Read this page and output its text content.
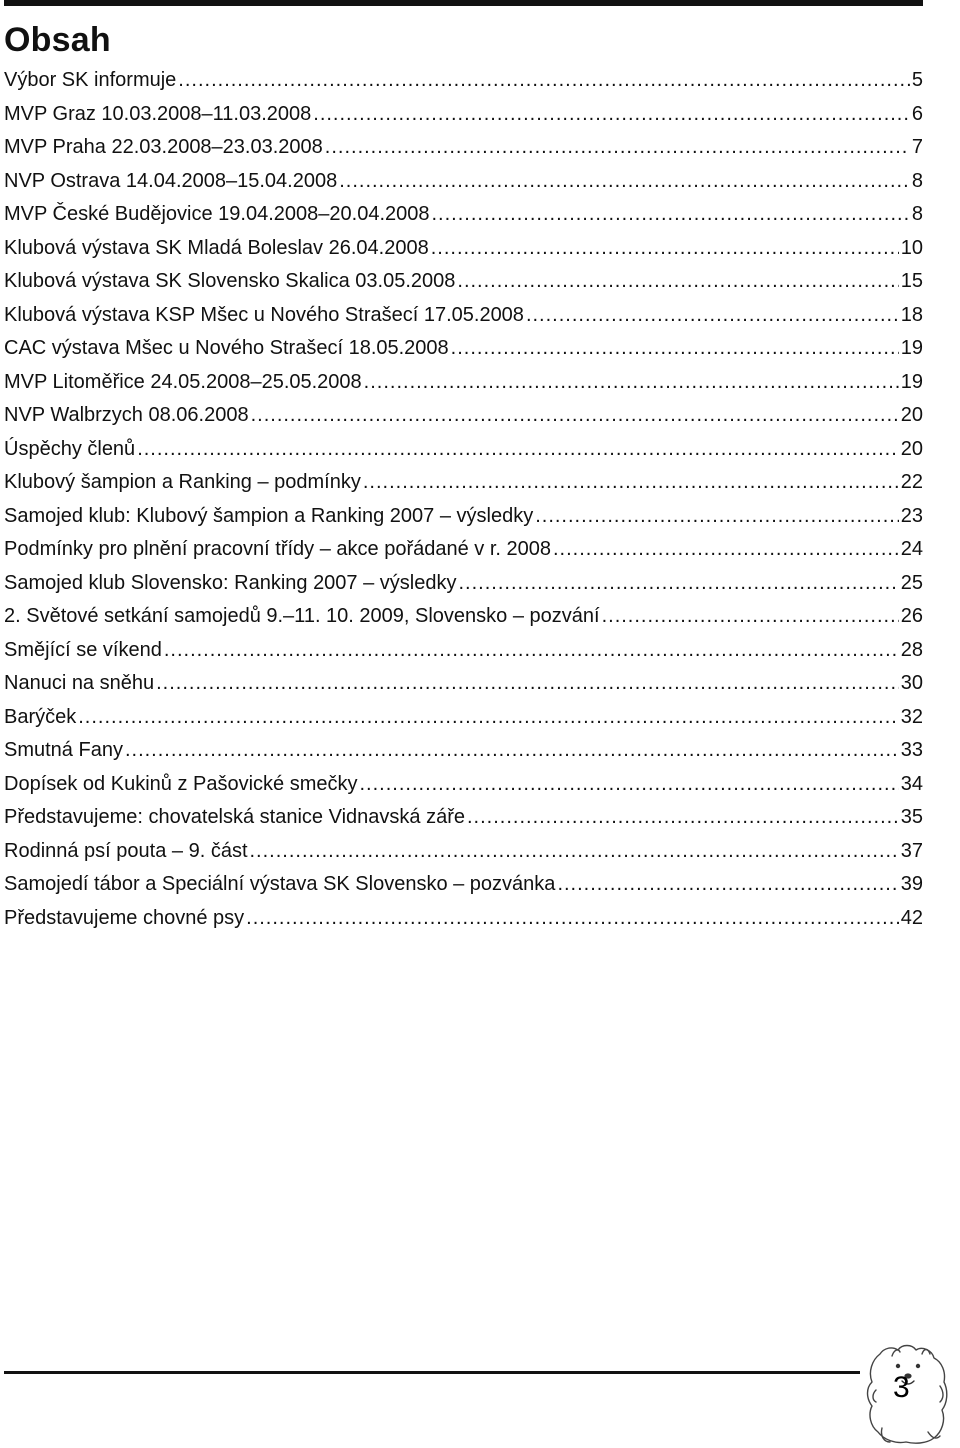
Obsah
Výbor SK informuje .....	5
MVP Graz 10.03.2008–11.03.2008 .....	6
MVP Praha 22.03.2008–23.03.2008 .....	7
NVP Ostrava 14.04.2008–15.04.2008 .....	8
MVP České Budějovice 19.04.2008–20.04.2008 .....	8
Klubová výstava SK Mladá Boleslav 26.04.2008 .....	10
Klubová výstava SK Slovensko Skalica 03.05.2008 .....	15
Klubová výstava KSP Mšec u Nového Strašecí 17.05.2008 .....	18
CAC výstava Mšec u Nového Strašecí 18.05.2008 .....	19
MVP Litoměřice 24.05.2008–25.05.2008 .....	19
NVP Walbrzych 08.06.2008 .....	20
Úspěchy členů .....	20
Klubový šampion a Ranking – podmínky .....	22
Samojed klub: Klubový šampion a Ranking 2007 – výsledky .....	23
Podmínky pro plnění pracovní třídy – akce pořádané v r. 2008 .....	24
Samojed klub Slovensko: Ranking 2007 – výsledky .....	25
2. Světové setkání samojedů 9.–11. 10. 2009, Slovensko – pozvání .....	26
Smějící se víkend .....	28
Nanuci na sněhu .....	30
Barýček .....	32
Smutná Fany .....	33
Dopísek od Kukinů z Pašovické smečky .....	34
Představujeme: chovatelská stanice Vidnavská záře .....	35
Rodinná psí pouta – 9. část .....	37
Samojedí tábor a Speciální výstava SK Slovensko – pozvánka .....	39
Představujeme chovné psy .....	42
3
